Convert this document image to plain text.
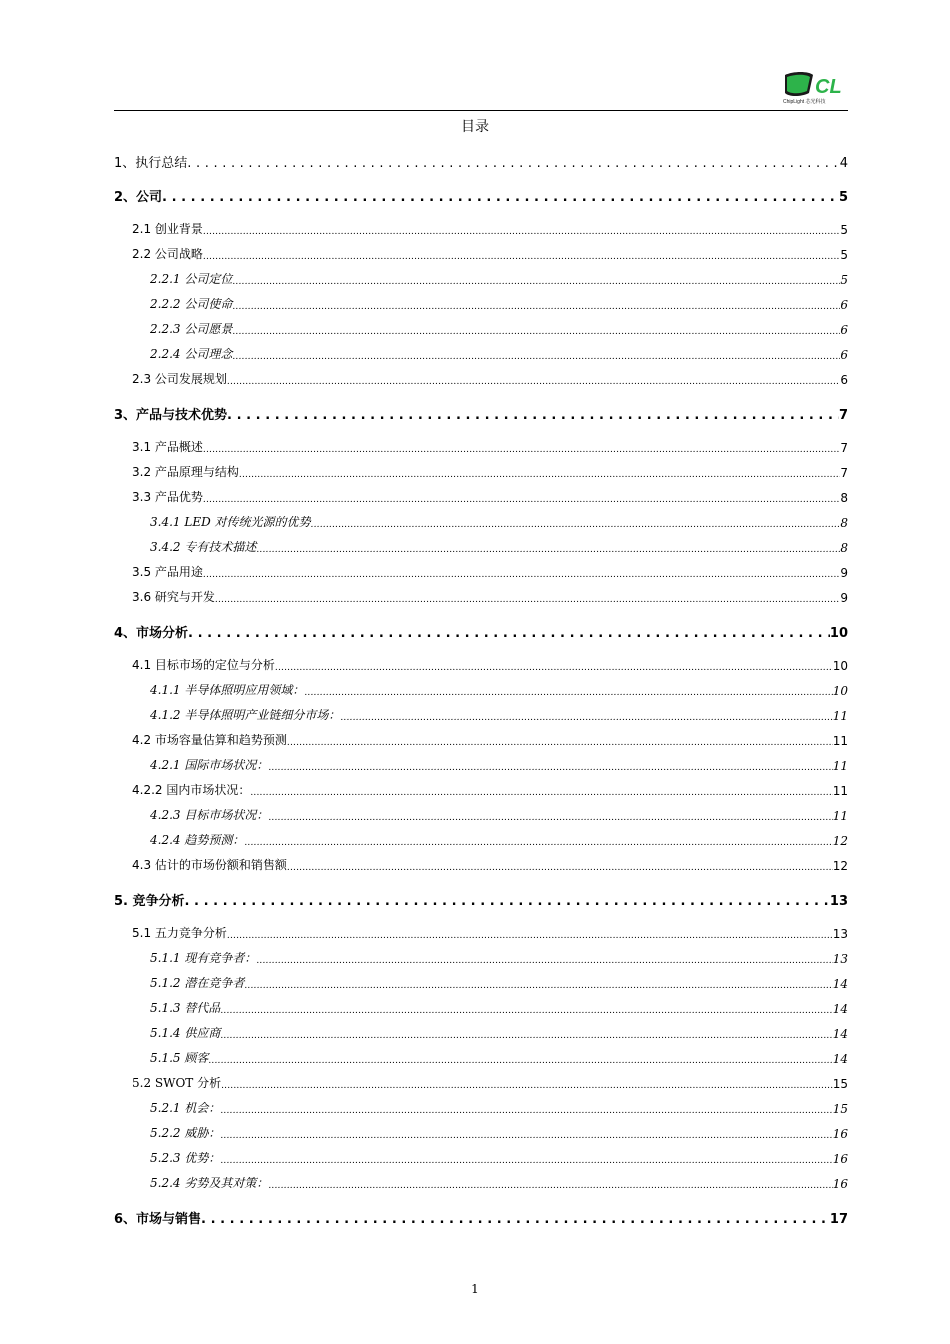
CL
ChipLight 芯光科技
目录
1、执行总结 .....	4
2、公司 .....	5
2.1 创业背景 .....	5
2.2 公司战略 .....	5
2.2.1 公司定位 .....	5
2.2.2 公司使命 .....	6
2.2.3 公司愿景 .....	6
2.2.4 公司理念 .....	6
2.3 公司发展规划 .....	6
3、产品与技术优势 .....	7
3.1 产品概述 .....	7
3.2 产品原理与结构 .....	7
3.3 产品优势 .....	8
3.4.1 LED 对传统光源的优势 .....	8
3.4.2 专有技术描述 .....	8
3.5 产品用途 .....	9
3.6 研究与开发 .....	9
4、市场分析 .....	10
4.1 目标市场的定位与分析 .....	10
4.1.1 半导体照明应用领域： .....	10
4.1.2 半导体照明产业链细分市场： .....	11
4.2 市场容量估算和趋势预测 .....	11
4.2.1 国际市场状况： .....	11
4.2.2 国内市场状况： .....	11
4.2.3 目标市场状况： .....	11
4.2.4 趋势预测： .....	12
4.3 估计的市场份额和销售额 .....	12
5. 竞争分析 .....	13
5.1 五力竞争分析 .....	13
5.1.1 现有竞争者： .....	13
5.1.2 潜在竞争者 .....	14
5.1.3 替代品 .....	14
5.1.4 供应商 .....	14
5.1.5 顾客 .....	14
5.2 SWOT 分析 .....	15
5.2.1 机会： .....	15
5.2.2 威胁： .....	16
5.2.3 优势： .....	16
5.2.4 劣势及其对策： .....	16
6、市场与销售 .....	17
1
